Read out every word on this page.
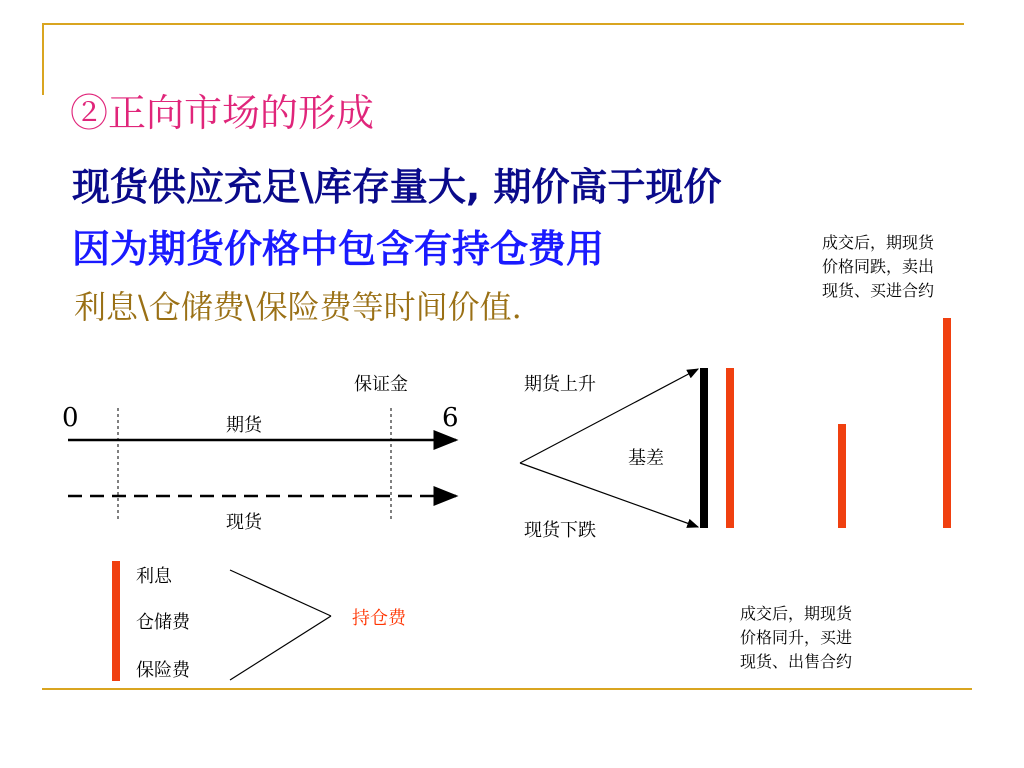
②正向市场的形成
现货供应充足\库存量大, 期价高于现价
因为期货价格中包含有持仓费用
利息\仓储费\保险费等时间价值.
成交后，期现货
价格同跌，卖出
现货、买进合约
0	6
保证金
期货
现货
期货上升
基差
现货下跌
利息
仓储费
保险费
持仓费	成交后，期现货
价格同升，买进
现货、出售合约
